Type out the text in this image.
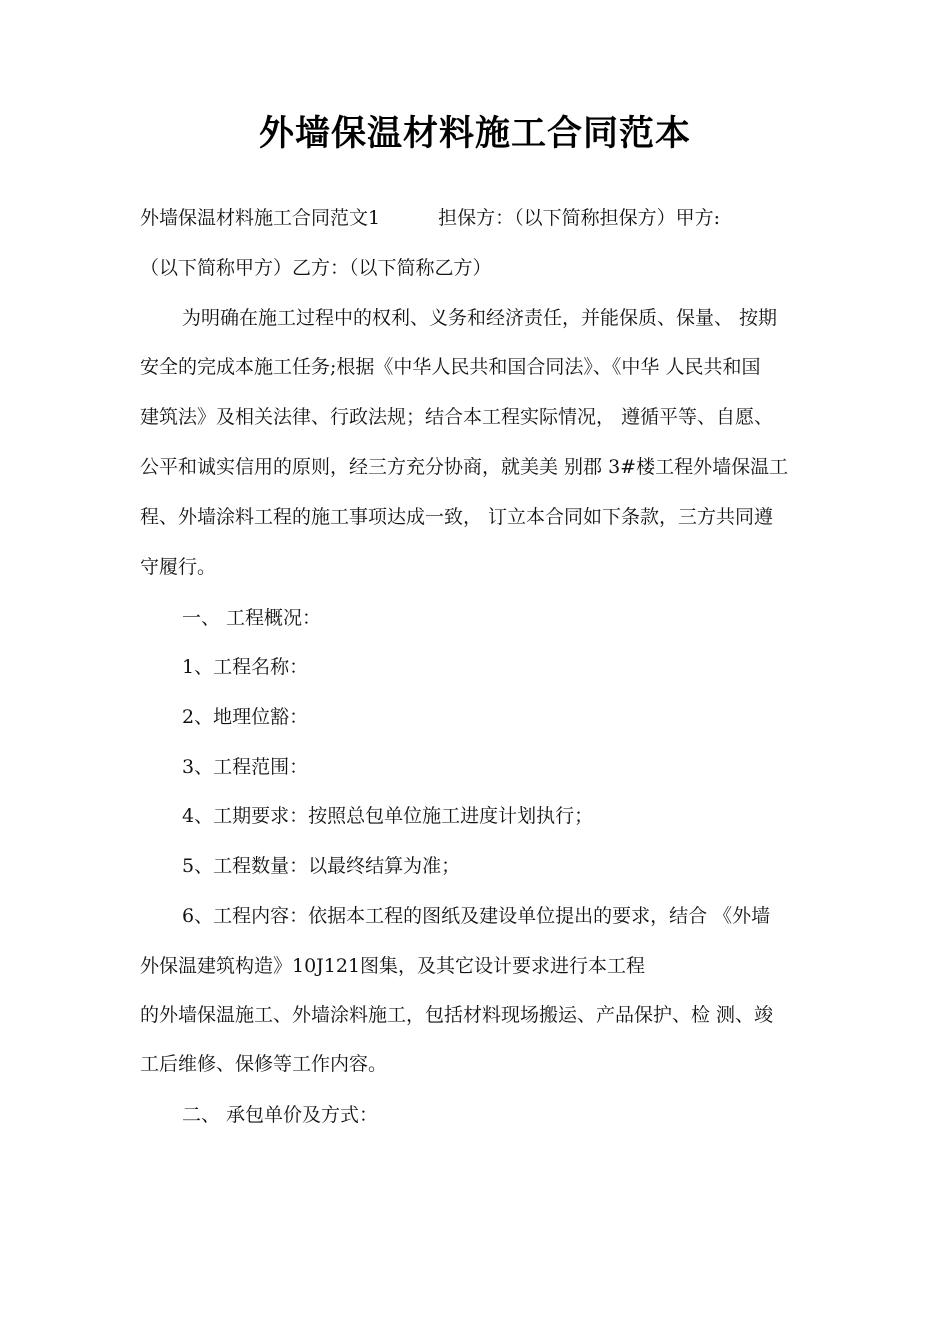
外墙保温材料施工合同范本
外墙保温材料施工合同范文1	担保方：（以下简称担保方）甲方:
（以下简称甲方）乙方：（以下简称乙方）
为明确在施工过程中的权利、义务和经济责任，并能保质、保量、 按期
安全的完成本施工任务;根据《中华人民共和国合同法》、《中华 人民共和国
建筑法》及相关法律、行政法规；结合本工程实际情况， 遵循平等、自愿、
公平和诚实信用的原则，经三方充分协商，就美美 别郡 3#楼工程外墙保温工
程、外墙涂料工程的施工事项达成一致， 订立本合同如下条款，三方共同遵
守履行。
一、 工程概况：
1、工程名称：
2、地理位豁：
3、工程范围：
4、工期要求：按照总包单位施工进度计划执行；
5、工程数量：以最终结算为准；
6、工程内容：依据本工程的图纸及建设单位提出的要求，结合 《外墙
外保温建筑构造》10J121图集，及其它设计要求进行本工程
的外墙保温施工、外墙涂料施工，包括材料现场搬运、产品保护、检 测、竣
工后维修、保修等工作内容。
二、 承包单价及方式：
